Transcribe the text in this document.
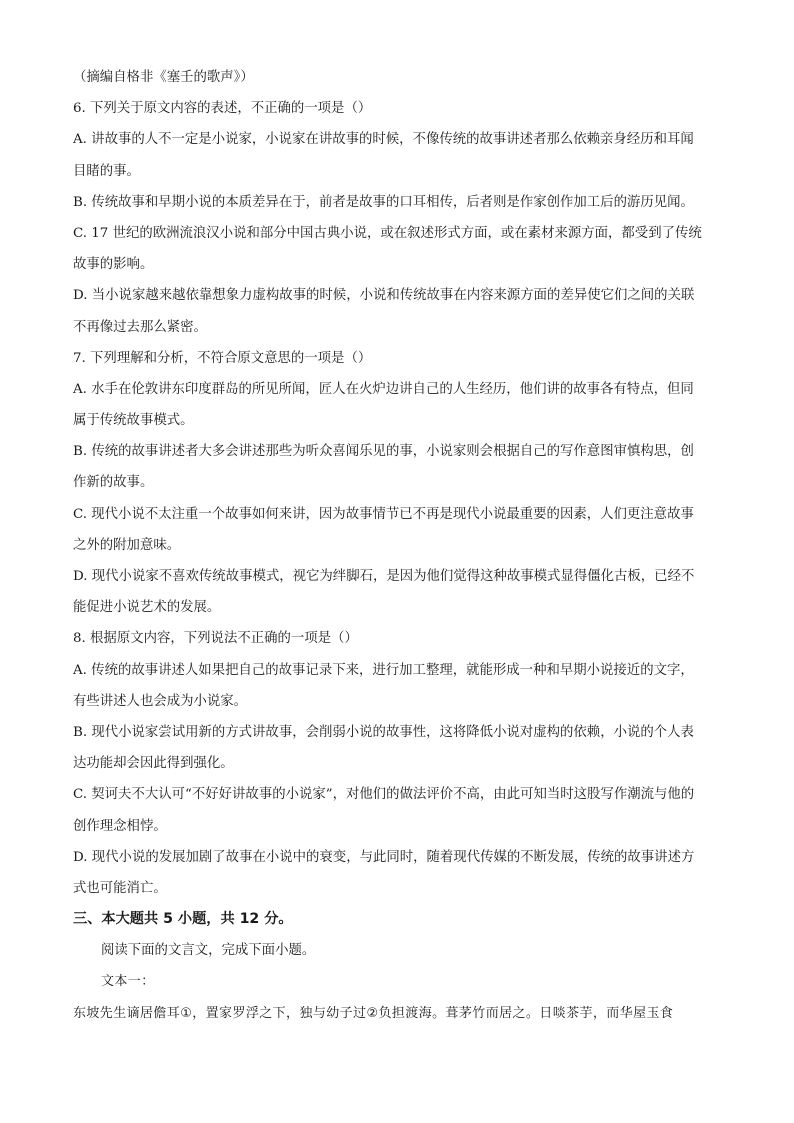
（摘编自格非《塞壬的歌声》）
6. 下列关于原文内容的表述，不正确的一项是（）
A. 讲故事的人不一定是小说家，小说家在讲故事的时候，不像传统的故事讲述者那么依赖亲身经历和耳闻
目睹的事。
B. 传统故事和早期小说的本质差异在于，前者是故事的口耳相传，后者则是作家创作加工后的游历见闻。
C. 17 世纪的欧洲流浪汉小说和部分中国古典小说，或在叙述形式方面，或在素材来源方面，都受到了传统
故事的影响。
D. 当小说家越来越依靠想象力虚构故事的时候，小说和传统故事在内容来源方面的差异使它们之间的关联
不再像过去那么紧密。
7. 下列理解和分析，不符合原文意思的一项是（）
A. 水手在伦敦讲东印度群岛的所见所闻，匠人在火炉边讲自己的人生经历，他们讲的故事各有特点，但同
属于传统故事模式。
B. 传统的故事讲述者大多会讲述那些为听众喜闻乐见的事，小说家则会根据自己的写作意图审慎构思，创
作新的故事。
C. 现代小说不太注重一个故事如何来讲，因为故事情节已不再是现代小说最重要的因素，人们更注意故事
之外的附加意味。
D. 现代小说家不喜欢传统故事模式，视它为绊脚石，是因为他们觉得这种故事模式显得僵化古板，已经不
能促进小说艺术的发展。
8. 根据原文内容，下列说法不正确的一项是（）
A. 传统的故事讲述人如果把自己的故事记录下来，进行加工整理，就能形成一种和早期小说接近的文字，
有些讲述人也会成为小说家。
B. 现代小说家尝试用新的方式讲故事，会削弱小说的故事性，这将降低小说对虚构的依赖，小说的个人表
达功能却会因此得到强化。
C. 契诃夫不大认可“不好好讲故事的小说家”，对他们的做法评价不高，由此可知当时这股写作潮流与他的
创作理念相悖。
D. 现代小说的发展加剧了故事在小说中的衰变，与此同时，随着现代传媒的不断发展，传统的故事讲述方
式也可能消亡。
三、本大题共 5 小题，共 12 分。
阅读下面的文言文，完成下面小题。
文本一：
东坡先生谪居儋耳①，置家罗浮之下，独与幼子过②负担渡海。葺茅竹而居之。日啖茶芋，而华屋玉食
